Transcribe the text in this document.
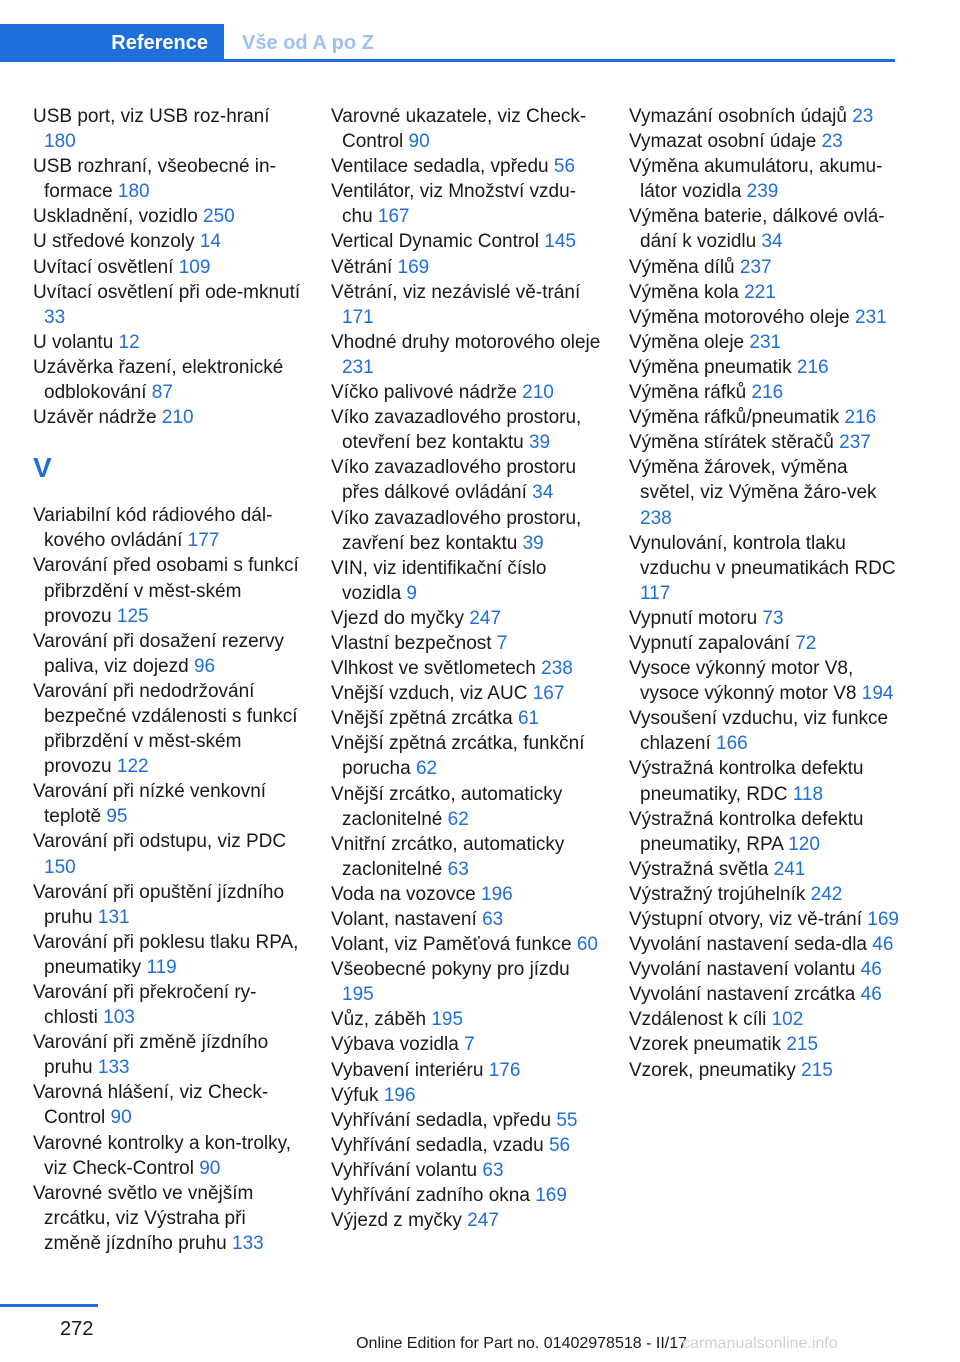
Reference	Vše od A po Z
USB port, viz USB roz‐hraní 180
USB rozhraní, všeobecné in‐formace 180
Uskladnění, vozidlo 250
U středové konzoly 14
Uvítací osvětlení 109
Uvítací osvětlení při ode‐mknutí 33
U volantu 12
Uzávěrka řazení, elektronické odblokování 87
Uzávěr nádrže 210
V
Variabilní kód rádiového dál‐kového ovládání 177
Varování před osobami s funkcí přibrzdění v měst‐ském provozu 125
Varování při dosažení rezervy paliva, viz dojezd 96
Varování při nedodržování bezpečné vzdálenosti s funkcí přibrzdění v měst‐ském provozu 122
Varování při nízké venkovní teplotě 95
Varování při odstupu, viz PDC 150
Varování při opuštění jízdního pruhu 131
Varování při poklesu tlaku RPA, pneumatiky 119
Varování při překročení ry‐chlosti 103
Varování při změně jízdního pruhu 133
Varovná hlášení, viz Check-Control 90
Varovné kontrolky a kon‐trolky, viz Check-Control 90
Varovné světlo ve vnějším zrcátku, viz Výstraha při změně jízdního pruhu 133
Varovné ukazatele, viz Check-Control 90
Ventilace sedadla, vpředu 56
Ventilátor, viz Množství vzdu‐chu 167
Vertical Dynamic Control 145
Větrání 169
Větrání, viz nezávislé vě‐trání 171
Vhodné druhy motorového oleje 231
Víčko palivové nádrže 210
Víko zavazadlového prostoru, otevření bez kontaktu 39
Víko zavazadlového prostoru přes dálkové ovládání 34
Víko zavazadlového prostoru, zavření bez kontaktu 39
VIN, viz identifikační číslo vozidla 9
Vjezd do myčky 247
Vlastní bezpečnost 7
Vlhkost ve světlometech 238
Vnější vzduch, viz AUC 167
Vnější zpětná zrcátka 61
Vnější zpětná zrcátka, funkční porucha 62
Vnější zrcátko, automaticky zaclonitelné 62
Vnitřní zrcátko, automaticky zaclonitelné 63
Voda na vozovce 196
Volant, nastavení 63
Volant, viz Paměťová funkce 60
Všeobecné pokyny pro jízdu 195
Vůz, záběh 195
Výbava vozidla 7
Vybavení interiéru 176
Výfuk 196
Vyhřívání sedadla, vpředu 55
Vyhřívání sedadla, vzadu 56
Vyhřívání volantu 63
Vyhřívání zadního okna 169
Výjezd z myčky 247
Vymazání osobních údajů 23
Vymazat osobní údaje 23
Výměna akumulátoru, akumu‐látor vozidla 239
Výměna baterie, dálkové ovlá‐dání k vozidlu 34
Výměna dílů 237
Výměna kola 221
Výměna motorového oleje 231
Výměna oleje 231
Výměna pneumatik 216
Výměna ráfků 216
Výměna ráfků/pneumatik 216
Výměna stírátek stěračů 237
Výměna žárovek, výměna světel, viz Výměna žáro‐vek 238
Vynulování, kontrola tlaku vzduchu v pneumatikách RDC 117
Vypnutí motoru 73
Vypnutí zapalování 72
Vysoce výkonný motor V8, vysoce výkonný motor V8 194
Vysoušení vzduchu, viz funkce chlazení 166
Výstražná kontrolka defektu pneumatiky, RDC 118
Výstražná kontrolka defektu pneumatiky, RPA 120
Výstražná světla 241
Výstražný trojúhelník 242
Výstupní otvory, viz vě‐trání 169
Vyvolání nastavení seda‐dla 46
Vyvolání nastavení volantu 46
Vyvolání nastavení zrcátka 46
Vzdálenost k cíli 102
Vzorek pneumatik 215
Vzorek, pneumatiky 215
272
Online Edition for Part no. 01402978518 - II/17
carmanualsonline.info
